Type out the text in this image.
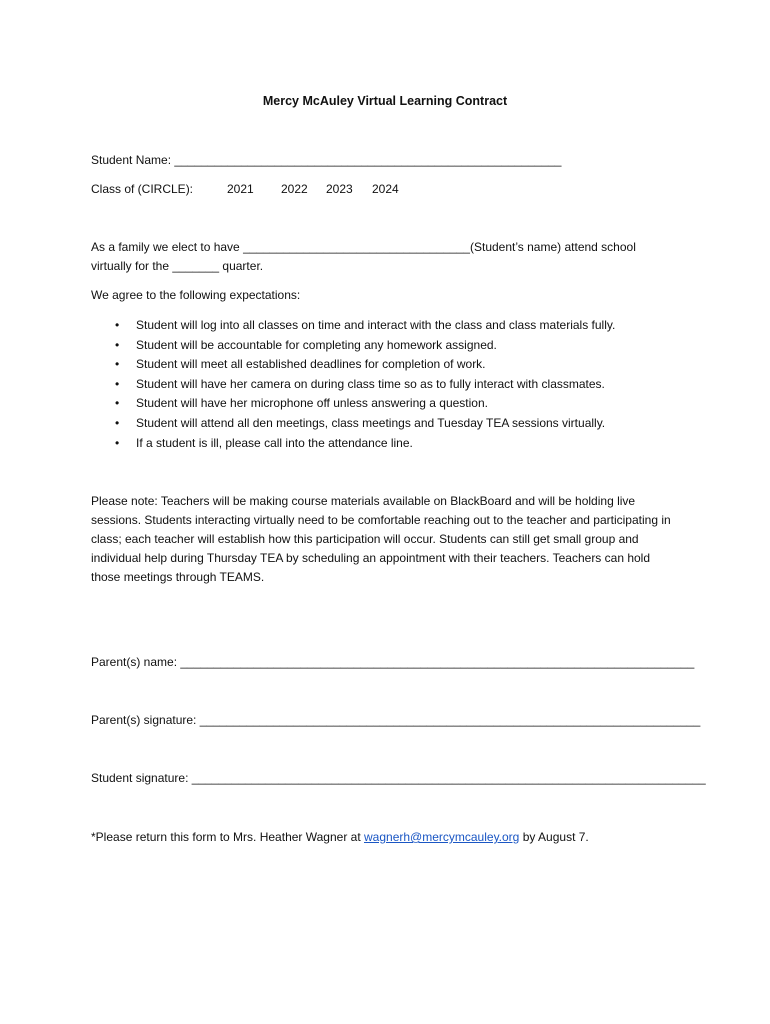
Mercy McAuley Virtual Learning Contract
Student Name: __________________________________________________________
Class of (CIRCLE):	2021 2022 2023 2024
As a family we elect to have __________________________________(Student’s name) attend school
virtually for the _______ quarter.
We agree to the following expectations:
• Student will log into all classes on time and interact with the class and class materials fully.
• Student will be accountable for completing any homework assigned.
• Student will meet all established deadlines for completion of work.
• Student will have her camera on during class time so as to fully interact with classmates.
• Student will have her microphone off unless answering a question.
• Student will attend all den meetings, class meetings and Tuesday TEA sessions virtually.
• If a student is ill, please call into the attendance line.
Please note: Teachers will be making course materials available on BlackBoard and will be holding live sessions. Students interacting virtually need to be comfortable reaching out to the teacher and participating in class; each teacher will establish how this participation will occur. Students can still get small group and individual help during Thursday TEA by scheduling an appointment with their teachers. Teachers can hold those meetings through TEAMS.
Parent(s) name: _____________________________________________________________________________
Parent(s) signature: ___________________________________________________________________________
Student signature: _____________________________________________________________________________
*Please return this form to Mrs. Heather Wagner at wagnerh@mercymcauley.org by August 7.
